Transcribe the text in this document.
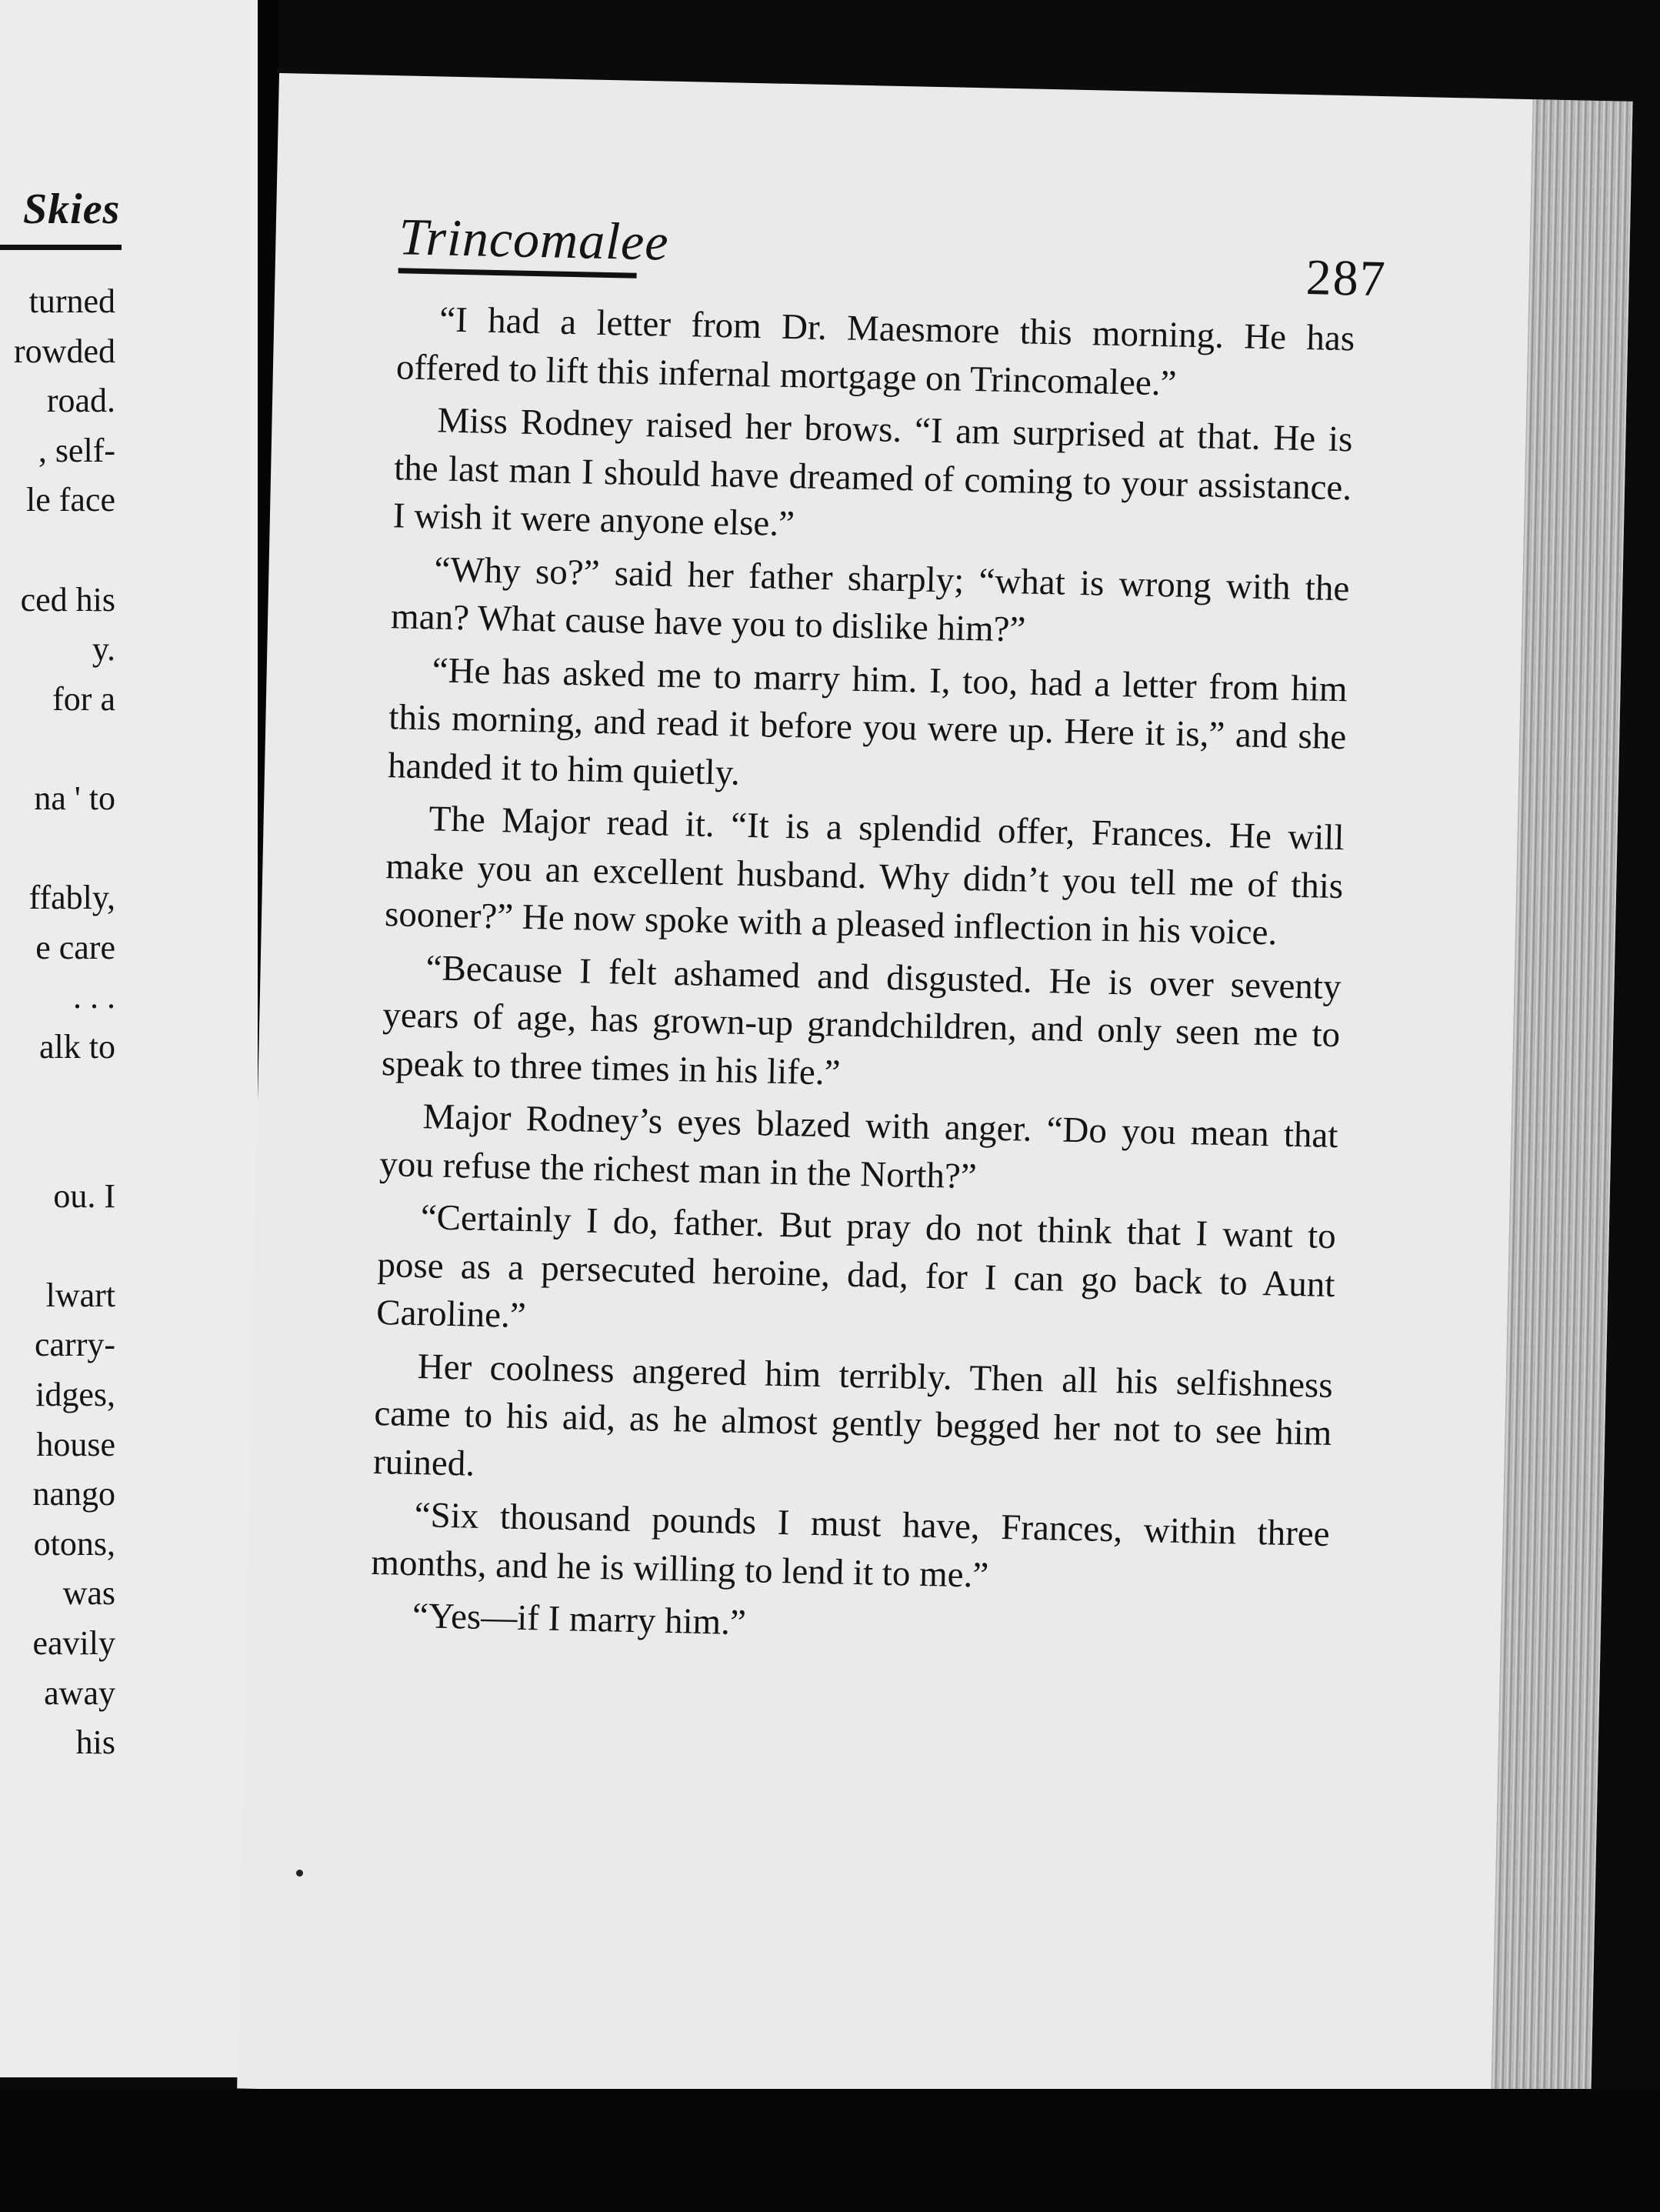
Skies
turned
rowded
road.
, self-
le face
ced his
y.
for a
na ' to
ffably,
e care
. . .
alk to
ou. I
lwart
carry-
idges,
house
nango
otons,
was
eavily
away
his
Trincomalee
287

“I had a letter from Dr. Maesmore this morning. He has offered to lift this infernal mortgage on Trincomalee.”

Miss Rodney raised her brows. “I am surprised at that. He is the last man I should have dreamed of coming to your assistance. I wish it were anyone else.”

“Why so?” said her father sharply; “what is wrong with the man? What cause have you to dislike him?”

“He has asked me to marry him. I, too, had a letter from him this morning, and read it before you were up. Here it is,” and she handed it to him quietly.

The Major read it. “It is a splendid offer, Frances. He will make you an excellent husband. Why didn’t you tell me of this sooner?” He now spoke with a pleased inflection in his voice.

“Because I felt ashamed and disgusted. He is over seventy years of age, has grown-up grandchildren, and only seen me to speak to three times in his life.”

Major Rodney’s eyes blazed with anger. “Do you mean that you refuse the richest man in the North?”

“Certainly I do, father. But pray do not think that I want to pose as a persecuted heroine, dad, for I can go back to Aunt Caroline.”

Her coolness angered him terribly. Then all his selfishness came to his aid, as he almost gently begged her not to see him ruined.

“Six thousand pounds I must have, Frances, within three months, and he is willing to lend it to me.”

“Yes—if I marry him.”
